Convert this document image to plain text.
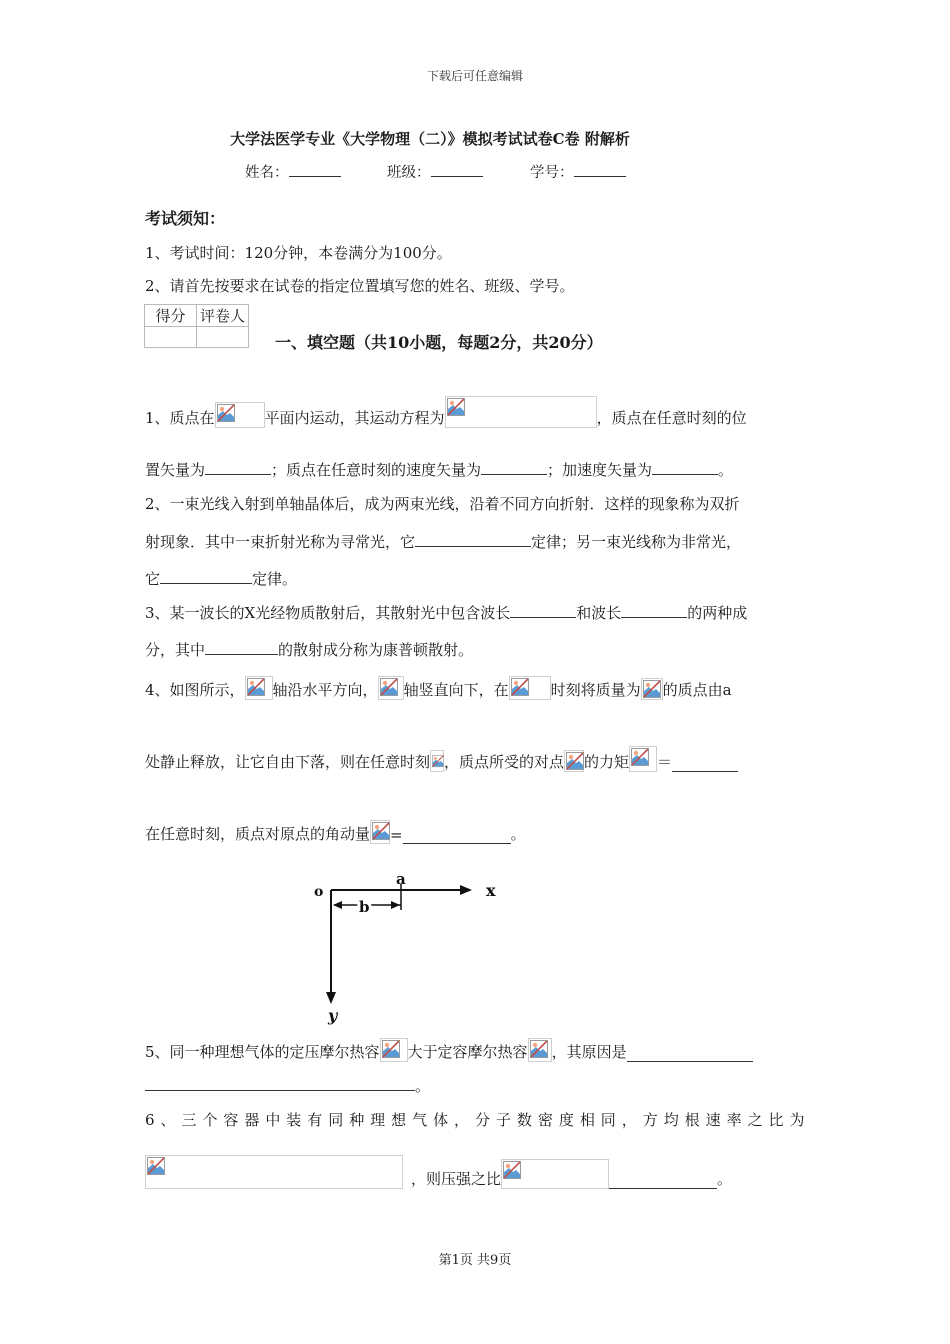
下载后可任意编辑
大学法医学专业《大学物理（二）》模拟考试试卷C卷 附解析
姓名：	班级：	学号：
考试须知：
1、考试时间：120分钟，本卷满分为100分。
2、请首先按要求在试卷的指定位置填写您的姓名、班级、学号。
得分	评卷人

一、填空题（共10小题，每题2分，共20分）
1、质点在	平面内运动，其运动方程为	，质点在任意时刻的位
置矢量为	；质点在任意时刻的速度矢量为	；加速度矢量为	。
2、一束光线入射到单轴晶体后，成为两束光线，沿着不同方向折射．这样的现象称为双折
射现象．其中一束折射光称为寻常光，它	定律；另一束光线称为非常光，
它	定律。
3、某一波长的X光经物质散射后，其散射光中包含波长	和波长	的两种成
分，其中	的散射成分称为康普顿散射。
4、如图所示， 轴沿水平方向， 轴竖直向下，在	时刻将质量为 的质点由a
处静止释放，让它自由下落，则在任意时刻 ，质点所受的对点 的力矩 ＝
在任意时刻，质点对原点的角动量 =	。
o
a
b
x
y
5、同一种理想气体的定压摩尔热容 大于定容摩尔热容 ，其原因是
。
6、三个容器中装有同种理想气体，分子数密度相同，方均根速率之比为
，则压强之比	。
第1页 共9页
